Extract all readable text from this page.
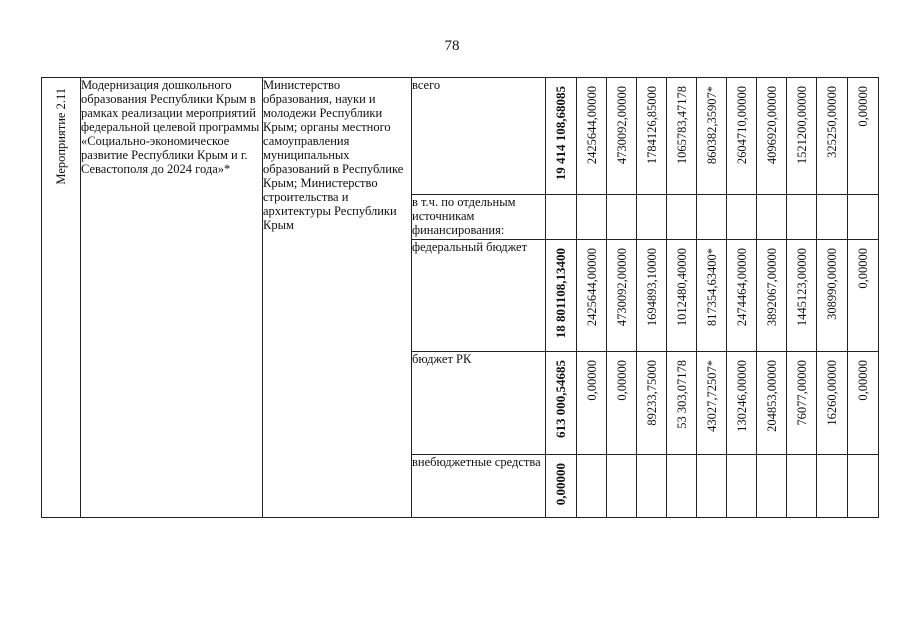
78
Мероприятие 2.11	Модернизация дошкольного образования Республики Крым в рамках реализации мероприятий федеральной целевой программы «Социально-экономическое развитие Республики Крым и г. Севастополя до 2024 года»*	Министерство образования, науки и молодежи Республики Крым; органы местного самоуправления муниципальных образований в Республике Крым; Министерство строительства и архитектуры Республики Крым	всего	19 414 108,68085	2425644,00000	4730092,00000	1784126,85000	1065783,47178	860382,35907*	2604710,00000	4096920,00000	1521200,00000	325250,00000	0,00000

			в т.ч. по отдельным источникам финансирования:											
			федеральный бюджет	18 801108,13400	2425644,00000	4730092,00000	1694893,10000	1012480,40000	817354,63400*	2474464,00000	3892067,00000	1445123,00000	308990,00000	0,00000

			бюджет РК	613 000,54685	0,00000	0,00000	89233,75000	53 303,07178	43027,72507*	130246,00000	204853,00000	76077,00000	16260,00000	0,00000

			внебюджетные средства	0,00000										
